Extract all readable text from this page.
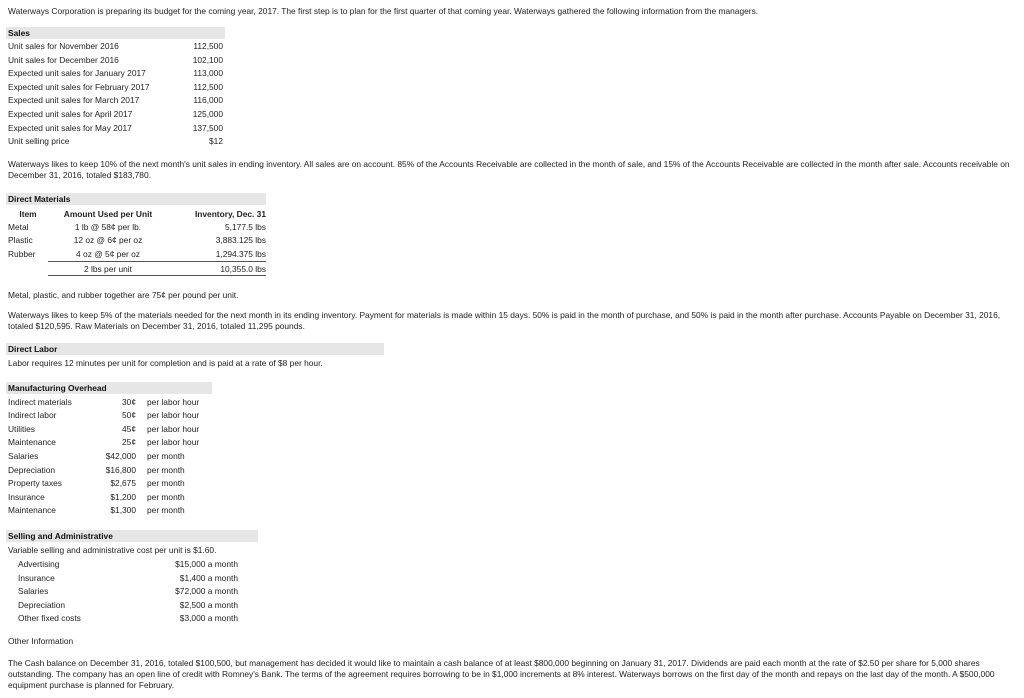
Waterways Corporation is preparing its budget for the coming year, 2017. The first step is to plan for the first quarter of that coming year. Waterways gathered the following information from the managers.
Sales
Unit sales for November 2016	112,500
Unit sales for December 2016	102,100
Expected unit sales for January 2017	113,000
Expected unit sales for February 2017	112,500
Expected unit sales for March 2017	116,000
Expected unit sales for April 2017	125,000
Expected unit sales for May 2017	137,500
Unit selling price	$12
Waterways likes to keep 10% of the next month's unit sales in ending inventory. All sales are on account. 85% of the Accounts Receivable are collected in the month of sale, and 15% of the Accounts Receivable are collected in the month after sale. Accounts receivable on December 31, 2016, totaled $183,780.
Direct Materials
Item	Amount Used per Unit	Inventory, Dec. 31
Metal	1 lb @ 58¢ per lb.	5,177.5 lbs
Plastic	12 oz @ 6¢ per oz	3,883.125 lbs
Rubber	4 oz @ 5¢ per oz	1,294.375 lbs
	2 lbs per unit	10,355.0 lbs
Metal, plastic, and rubber together are 75¢ per pound per unit.
Waterways likes to keep 5% of the materials needed for the next month in its ending inventory. Payment for materials is made within 15 days. 50% is paid in the month of purchase, and 50% is paid in the month after purchase. Accounts Payable on December 31, 2016, totaled $120,595. Raw Materials on December 31, 2016, totaled 11,295 pounds.
Direct Labor
Labor requires 12 minutes per unit for completion and is paid at a rate of $8 per hour.
Manufacturing Overhead
Indirect materials	30¢ per labor hour
Indirect labor	50¢ per labor hour
Utilities	45¢ per labor hour
Maintenance	25¢ per labor hour
Salaries	$42,000 per month
Depreciation	$16,800 per month
Property taxes	$2,675 per month
Insurance	$1,200 per month
Maintenance	$1,300 per month
Selling and Administrative
Variable selling and administrative cost per unit is $1.60.
Advertising	$15,000 a month
Insurance	$1,400 a month
Salaries	$72,000 a month
Depreciation	$2,500 a month
Other fixed costs	$3,000 a month
Other Information
The Cash balance on December 31, 2016, totaled $100,500, but management has decided it would like to maintain a cash balance of at least $800,000 beginning on January 31, 2017. Dividends are paid each month at the rate of $2.50 per share for 5,000 shares outstanding. The company has an open line of credit with Romney's Bank. The terms of the agreement requires borrowing to be in $1,000 increments at 8% interest. Waterways borrows on the first day of the month and repays on the last day of the month. A $500,000 equipment purchase is planned for February.
